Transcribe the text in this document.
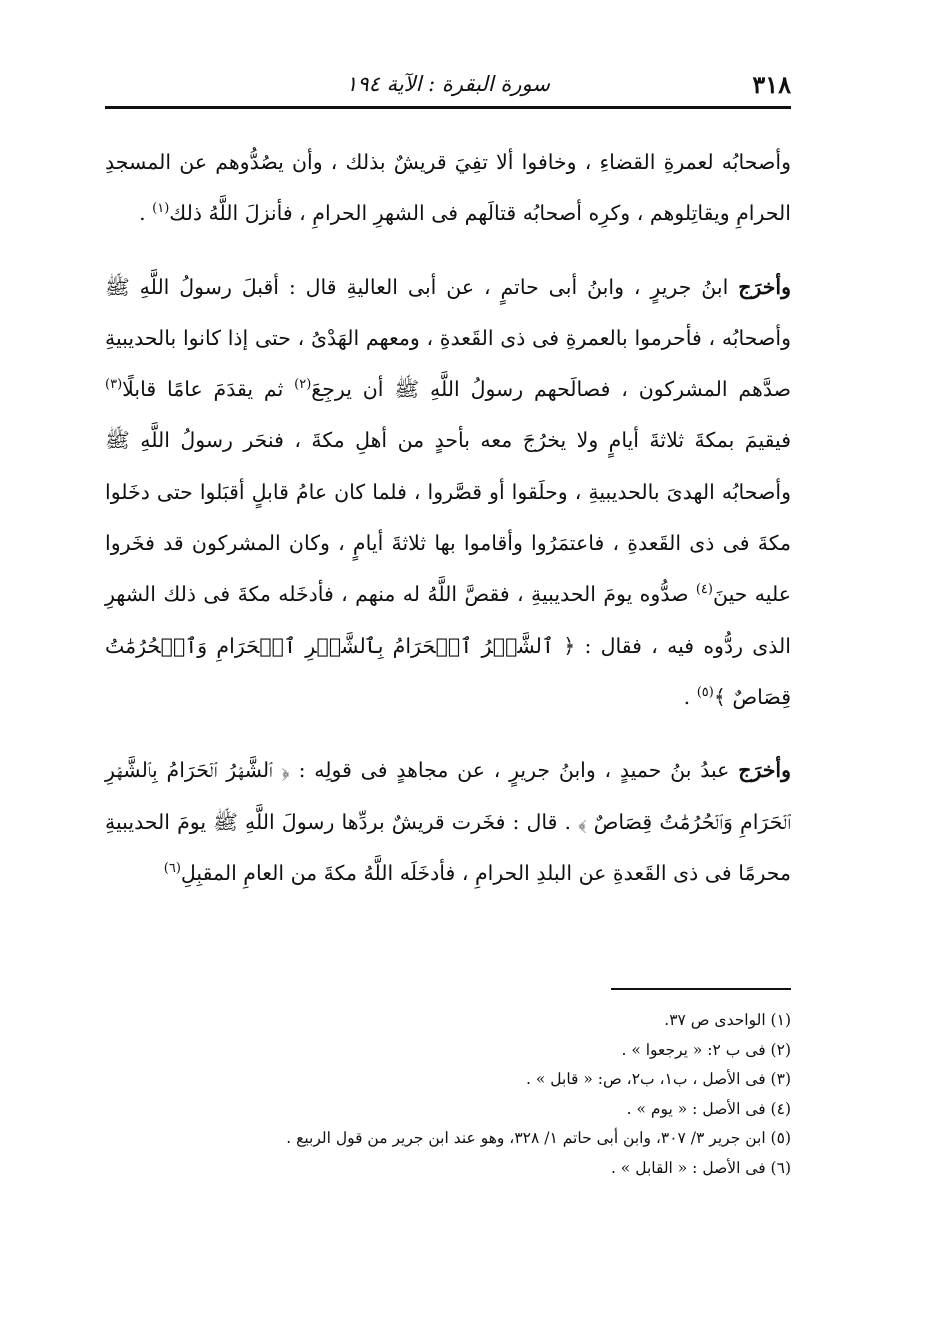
٣١٨
سورة البقرة : الآية ١٩٤

وأصحابُه لعمرةِ القضاءِ ، وخافوا ألا تفِيَ قريشٌ بذلك ، وأن يصُدُّوهم عن المسجدِ الحرامِ ويقاتِلوهم ، وكرِه أصحابُه قتالَهم فى الشهرِ الحرامِ ، فأنزلَ اللَّهُ ذلك$^{(١)}$ .

وأخرَج ابنُ جريرٍ ، وابنُ أبى حاتمٍ ، عن أبى العاليةِ قال : أقبلَ رسولُ اللَّهِ ﷺ وأصحابُه ، فأحرموا بالعمرةِ فى ذى القَعدةِ ، ومعهم الهَدْىُ ، حتى إذا كانوا بالحديبيةِ صدَّهم المشركون ، فصالَحهم رسولُ اللَّهِ ﷺ أن يرجِعَ$^{(٢)}$ ثم يقدَمَ عامًا قابلًا$^{(٣)}$ فيقيمَ بمكةَ ثلاثةَ أيامٍ ولا يخرُجَ معه بأحدٍ من أهلِ مكةَ ، فنحَر رسولُ اللَّهِ ﷺ وأصحابُه الهدىَ بالحديبيةِ ، وحلَقوا أو قصَّروا ، فلما كان عامُ قابلٍ أقبَلوا حتى دخَلوا مكةَ فى ذى القَعدةِ ، فاعتمَرُوا وأقاموا بها ثلاثةَ أيامٍ ، وكان المشركون قد فخَروا عليه حينَ$^{(٤)}$ صدُّوه يومَ الحديبيةِ ، فقصَّ اللَّهُ له منهم ، فأدخَله مكةَ فى ذلك الشهرِ الذى ردُّوه فيه ، فقال : ﴿ ٱلشَّهۡرُ ٱلۡحَرَامُ بِٱلشَّهۡرِ ٱلۡحَرَامِ وَٱلۡحُرُمَٰتُ قِصَاصٌ ﴾$^{(٥)}$ .

وأخرَج عبدُ بنُ حميدٍ ، وابنُ جريرٍ ، عن مجاهدٍ فى قولِه : ﴿ ٱلشَّهۡرُ ٱلۡحَرَامُ بِٱلشَّهۡرِ ٱلۡحَرَامِ وَٱلۡحُرُمَٰتُ قِصَاصٌ ﴾ . قال : فخَرت قريشٌ بردِّها رسولَ اللَّهِ ﷺ يومَ الحديبيةِ محرمًا فى ذى القَعدةِ عن البلدِ الحرامِ ، فأدخَلَه اللَّهُ مكةَ من العامِ المقبِلِ$^{(٦)}$

(١) الواحدى ص ٣٧.
(٢) فى ب ٢: « يرجعوا » .
(٣) فى الأصل ، ب١، ب٢، ص: « قابل » .
(٤) فى الأصل : « يوم » .
(٥) ابن جرير ٣/ ٣٠٧، وابن أبى حاتم ١/ ٣٢٨، وهو عند ابن جرير من قول الربيع .
(٦) فى الأصل : « القابل » .
